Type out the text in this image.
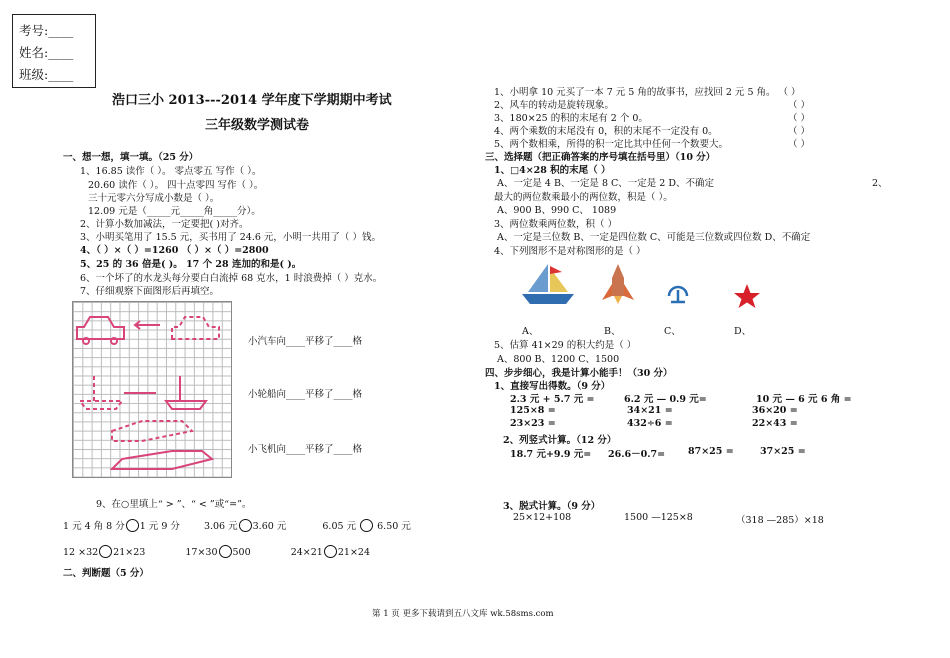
考号:____
姓名:____
班级:____
浩口三小 2013---2014 学年度下学期期中考试
三年级数学测试卷
一、想一想，填一填。（25 分）
1、16.85 读作（ ）。 零点零五 写作（ ）。
20.60 读作（ ）。 四十点零四 写作（ ）。
三十元零六分写成小数是（ ）。
12.09 元是（_____元_____角_____分）。
2、计算小数加减法，一定要把( )对齐。
3、小明买笔用了 15.5 元，买书用了 24.6 元，小明一共用了（ ）钱。
4、（ ）×（ ）=1260 （ ）×（ ）=2800
5、25 的 36 倍是( )。 17 个 28 连加的和是( )。
6、一个坏了的水龙头每分要白白流掉 68 克水，1 时浪费掉（ ）克水。
7、仔细观察下面图形后再填空。
小汽车向____平移了____格
小轮船向____平移了____格
小飞机向____平移了____格
9、在○里填上“ > ”、“ < ”或“=”。
1 元 4 角 8 分 1 元 9 分	3.06 元 3.60 元	6.05 元 6.50 元
12 ×32 21×23	17×30 500	24×21 21×24
二、判断题（5 分）
1、小明拿 10 元买了一本 7 元 5 角的故事书，应找回 2 元 5 角。 （ ）
2、风车的转动是旋转现象。	（ ）
3、180×25 的积的末尾有 2 个 0。	（ ）
4、两个乘数的末尾没有 0，积的末尾不一定没有 0。	（ ）
5、两个数相乘，所得的积一定比其中任何一个数要大。	（ ）
三、选择题（把正确答案的序号填在括号里）（10 分）
1、□4×28 积的末尾（ ）
A、一定是 4 B、一定是 8 C、一定是 2 D、不确定	2、
最大的两位数乘最小的两位数，积是（ ）。
A、900 B、990 C、 1089
3、两位数乘两位数，积（ ）
A、一定是三位数 B、一定是四位数 C、可能是三位数或四位数 D、不确定
4、下列图形不是对称图形的是（ ）
A、	B、	C、	D、
5、估算 41×29 的积大约是（ ）
A、800 B、1200 C、1500
四、步步细心，我是计算小能手！（30 分）
1、直接写出得数。（9 分）
2.3 元 + 5.7 元 =	6.2 元 — 0.9 元=	10 元 — 6 元 6 角 =
125×8 =	34×21 =	36×20 =
23×23 =	432÷6 =	22×43 =
2、列竖式计算。（12 分）
18.7 元+9.9 元= 26.6－0.7= 87×25 =	37×25 =
3、脱式计算。（9 分）
25×12+108	1500 —125×8	（318 —285）×18
第 1 页 更多下载请到五八文库 wk.58sms.com
